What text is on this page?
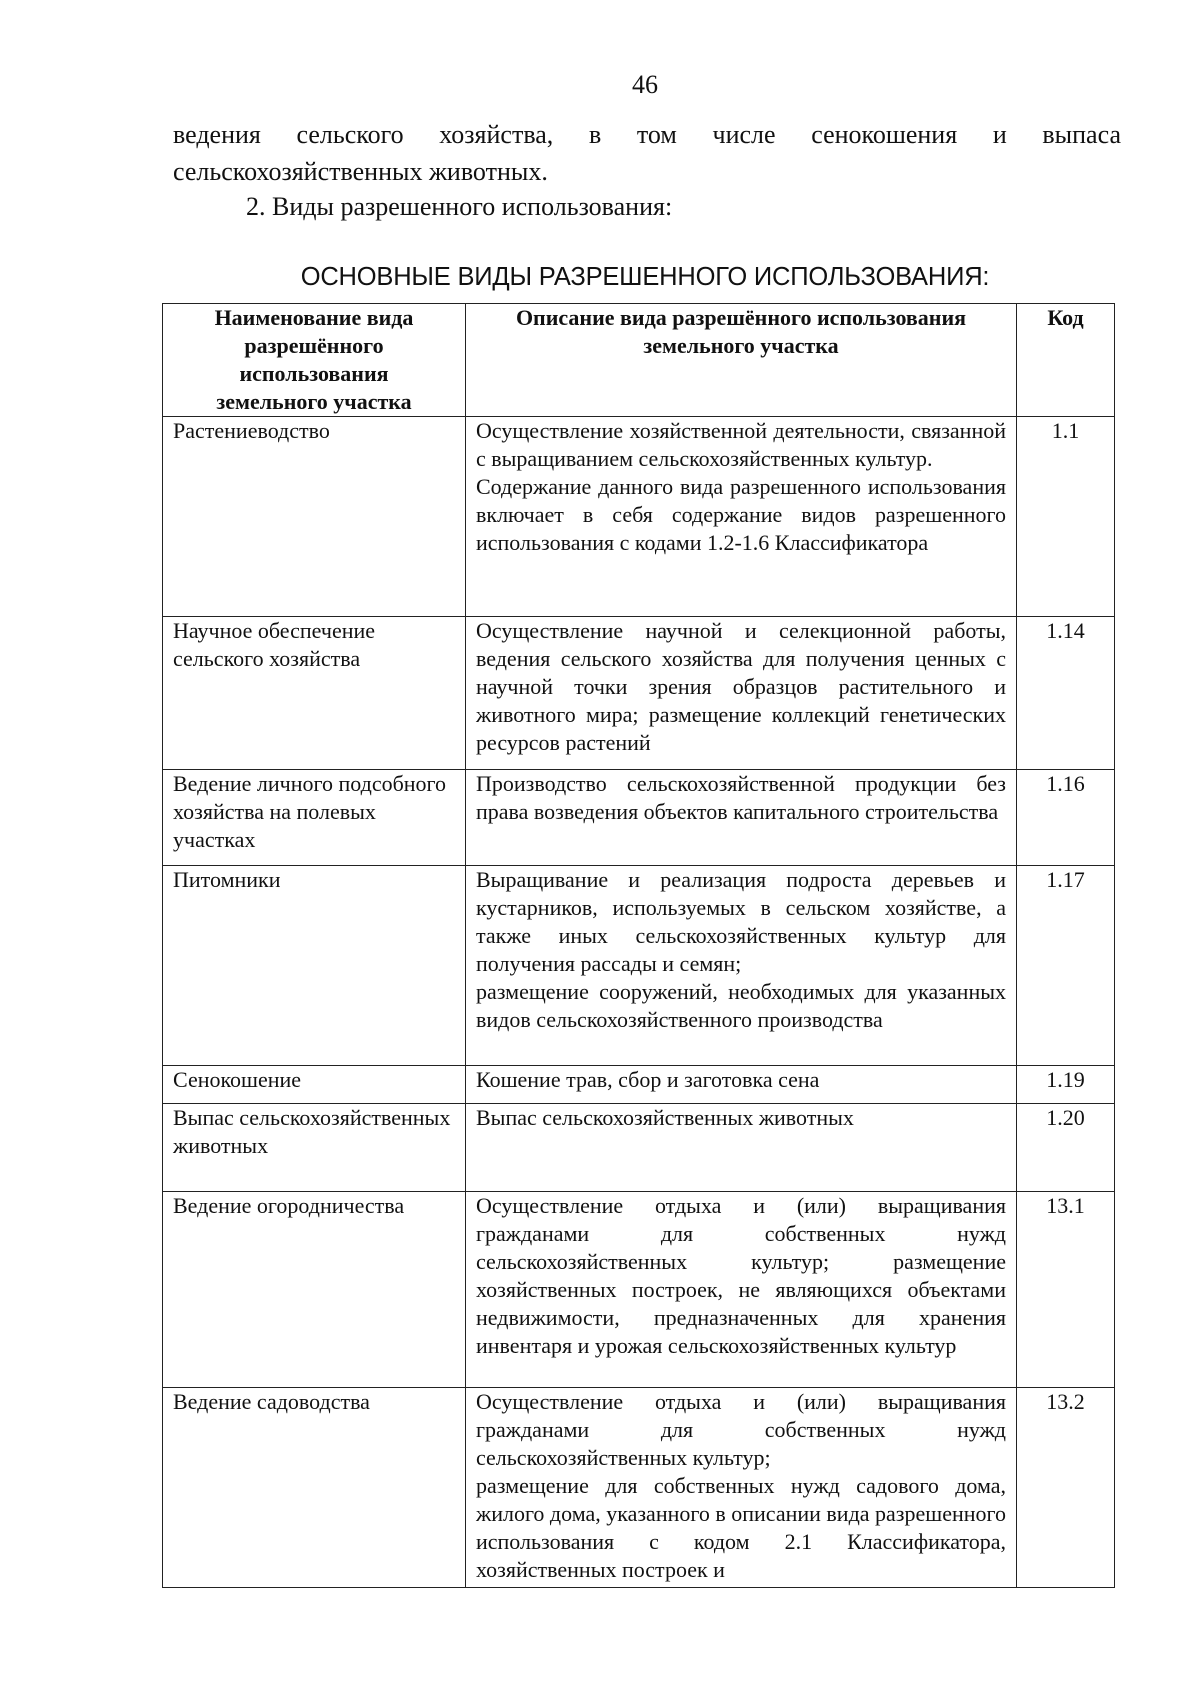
46
ведения сельского хозяйства, в том числе сенокошения и выпаса сельскохозяйственных животных.
2. Виды разрешенного использования:
ОСНОВНЫЕ ВИДЫ РАЗРЕШЕННОГО ИСПОЛЬЗОВАНИЯ:
Наименование вида разрешённого использования земельного участка	Описание вида разрешённого использования земельного участка	Код
Растениеводство	Осуществление хозяйственной деятельности, связанной с выращиванием сельскохозяйственных культур.
Содержание данного вида разрешенного использования включает в себя содержание видов разрешенного использования с кодами 1.2-1.6 Классификатора	1.1
Научное обеспечение сельского хозяйства	Осуществление научной и селекционной работы, ведения сельского хозяйства для получения ценных с научной точки зрения образцов растительного и животного мира; размещение коллекций генетических ресурсов растений	1.14
Ведение личного подсобного хозяйства на полевых участках	Производство сельскохозяйственной продукции без права возведения объектов капитального строительства	1.16
Питомники	Выращивание и реализация подроста деревьев и кустарников, используемых в сельском хозяйстве, а также иных сельскохозяйственных культур для получения рассады и семян;
размещение сооружений, необходимых для указанных видов сельскохозяйственного производства	1.17
Сенокошение	Кошение трав, сбор и заготовка сена	1.19
Выпас сельскохозяйственных животных	Выпас сельскохозяйственных животных	1.20
Ведение огородничества	Осуществление отдыха и (или) выращивания гражданами для собственных нужд сельскохозяйственных культур; размещение хозяйственных построек, не являющихся объектами недвижимости, предназначенных для хранения инвентаря и урожая сельскохозяйственных культур	13.1
Ведение садоводства	Осуществление отдыха и (или) выращивания гражданами для собственных нужд сельскохозяйственных культур;
размещение для собственных нужд садового дома, жилого дома, указанного в описании вида разрешенного использования с кодом 2.1 Классификатора, хозяйственных построек и	13.2
